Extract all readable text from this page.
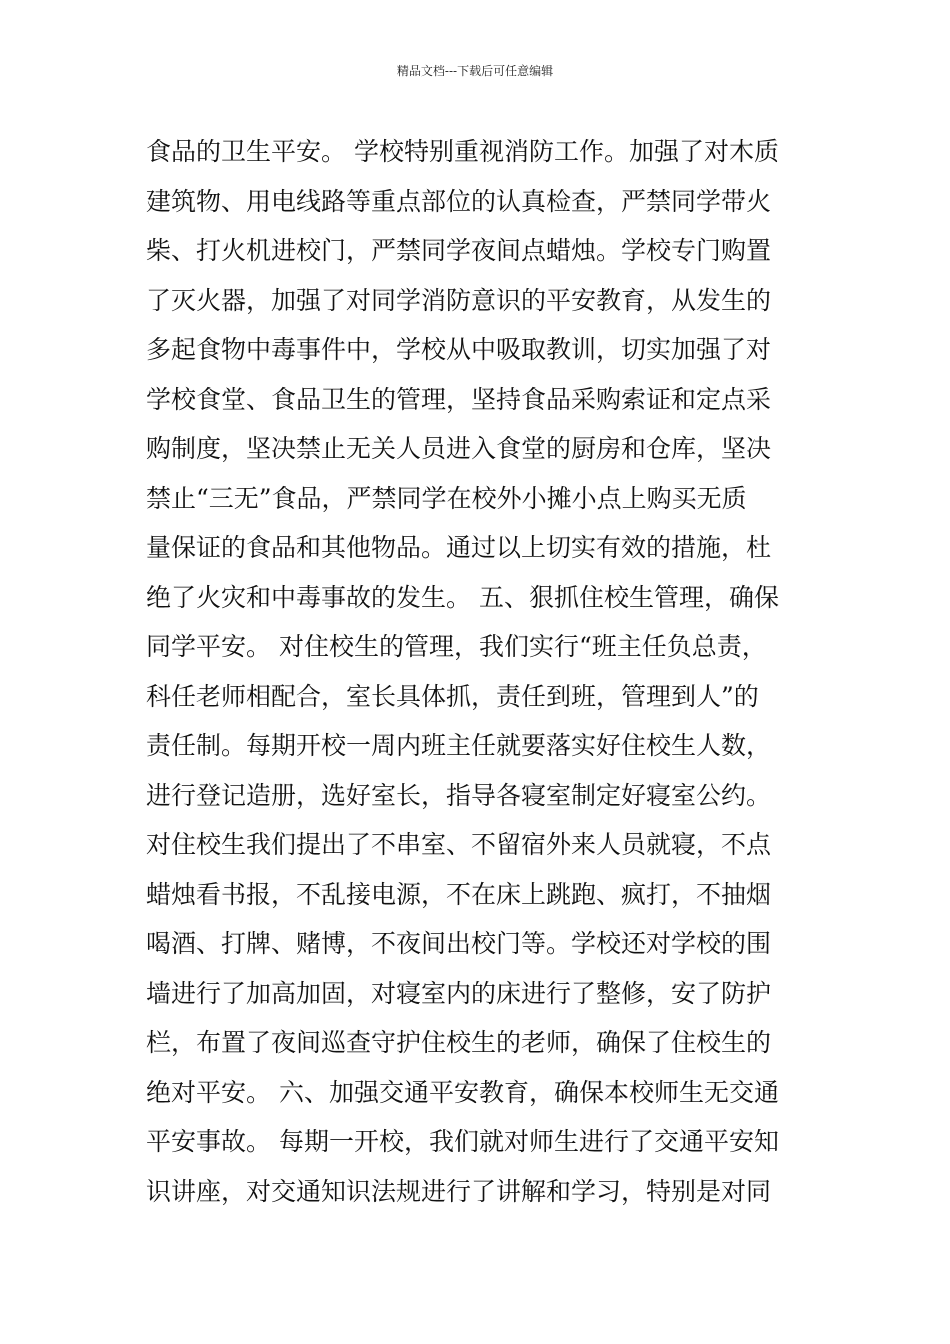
精品文档---下载后可任意编辑
食品的卫生平安。 学校特别重视消防工作。加强了对木质
建筑物、用电线路等重点部位的认真检查，严禁同学带火
柴、打火机进校门，严禁同学夜间点蜡烛。学校专门购置
了灭火器，加强了对同学消防意识的平安教育，从发生的
多起食物中毒事件中，学校从中吸取教训，切实加强了对
学校食堂、食品卫生的管理，坚持食品采购索证和定点采
购制度，坚决禁止无关人员进入食堂的厨房和仓库，坚决
禁止“三无”食品，严禁同学在校外小摊小点上购买无质
量保证的食品和其他物品。通过以上切实有效的措施，杜
绝了火灾和中毒事故的发生。 五、狠抓住校生管理，确保
同学平安。 对住校生的管理，我们实行“班主任负总责，
科任老师相配合，室长具体抓，责任到班，管理到人”的
责任制。每期开校一周内班主任就要落实好住校生人数，
进行登记造册，选好室长，指导各寝室制定好寝室公约。
对住校生我们提出了不串室、不留宿外来人员就寝，不点
蜡烛看书报，不乱接电源，不在床上跳跑、疯打，不抽烟
喝酒、打牌、赌博，不夜间出校门等。学校还对学校的围
墙进行了加高加固，对寝室内的床进行了整修，安了防护
栏，布置了夜间巡查守护住校生的老师，确保了住校生的
绝对平安。 六、加强交通平安教育，确保本校师生无交通
平安事故。 每期一开校，我们就对师生进行了交通平安知
识讲座，对交通知识法规进行了讲解和学习，特别是对同
